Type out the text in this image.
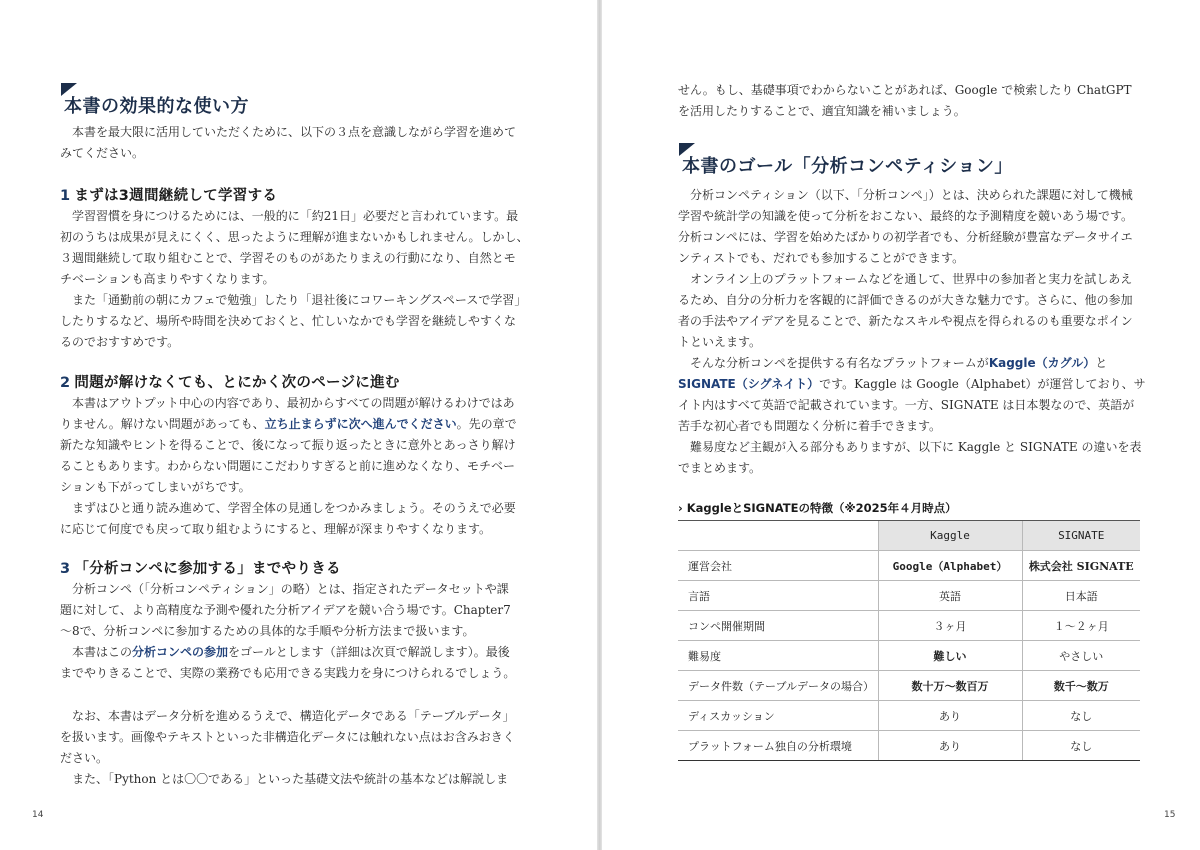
本書の効果的な使い方
　本書を最大限に活用していただくために、以下の３点を意識しながら学習を進めて
みてください。
1 まずは3週間継続して学習する
　学習習慣を身につけるためには、一般的に「約21日」必要だと言われています。最
初のうちは成果が見えにくく、思ったように理解が進まないかもしれません。しかし、
３週間継続して取り組むことで、学習そのものがあたりまえの行動になり、自然とモ
チベーションも高まりやすくなります。
　また「通勤前の朝にカフェで勉強」したり「退社後にコワーキングスペースで学習」
したりするなど、場所や時間を決めておくと、忙しいなかでも学習を継続しやすくな
るのでおすすめです。
2 問題が解けなくても、とにかく次のページに進む
　本書はアウトプット中心の内容であり、最初からすべての問題が解けるわけではあ
りません。解けない問題があっても、立ち止まらずに次へ進んでください。先の章で
新たな知識やヒントを得ることで、後になって振り返ったときに意外とあっさり解け
ることもあります。わからない問題にこだわりすぎると前に進めなくなり、モチベー
ションも下がってしまいがちです。
　まずはひと通り読み進めて、学習全体の見通しをつかみましょう。そのうえで必要
に応じて何度でも戻って取り組むようにすると、理解が深まりやすくなります。
3 「分析コンペに参加する」までやりきる
　分析コンペ（「分析コンペティション」の略）とは、指定されたデータセットや課
題に対して、より高精度な予測や優れた分析アイデアを競い合う場です。Chapter7
～8で、分析コンペに参加するための具体的な手順や分析方法まで扱います。
　本書はこの分析コンペの参加をゴールとします（詳細は次頁で解説します）。最後
までやりきることで、実際の業務でも応用できる実践力を身につけられるでしょう。
　なお、本書はデータ分析を進めるうえで、構造化データである「テーブルデータ」
を扱います。画像やテキストといった非構造化データには触れない点はお含みおきく
ださい。
　また、「Python とは〇〇である」といった基礎文法や統計の基本などは解説しま
14
せん。もし、基礎事項でわからないことがあれば、Google で検索したり ChatGPT
を活用したりすることで、適宜知識を補いましょう。
本書のゴール「分析コンペティション」
　分析コンペティション（以下、「分析コンペ」）とは、決められた課題に対して機械
学習や統計学の知識を使って分析をおこない、最終的な予測精度を競いあう場です。
分析コンペには、学習を始めたばかりの初学者でも、分析経験が豊富なデータサイエ
ンティストでも、だれでも参加することができます。
　オンライン上のプラットフォームなどを通して、世界中の参加者と実力を試しあえ
るため、自分の分析力を客観的に評価できるのが大きな魅力です。さらに、他の参加
者の手法やアイデアを見ることで、新たなスキルや視点を得られるのも重要なポイン
トといえます。
　そんな分析コンペを提供する有名なプラットフォームがKaggle（カグル）と
SIGNATE（シグネイト）です。Kaggle は Google（Alphabet）が運営しており、サ
イト内はすべて英語で記載されています。一方、SIGNATE は日本製なので、英語が
苦手な初心者でも問題なく分析に着手できます。
　難易度など主観が入る部分もありますが、以下に Kaggle と SIGNATE の違いを表
でまとめます。
› KaggleとSIGNATEの特徴（※2025年４月時点）
	Kaggle	SIGNATE
運営会社	Google（Alphabet）	株式会社 SIGNATE
言語	英語	日本語
コンペ開催期間	３ヶ月	１～２ヶ月
難易度	難しい	やさしい
データ件数（テーブルデータの場合）	数十万～数百万	数千～数万
ディスカッション	あり	なし
プラットフォーム独自の分析環境	あり	なし
15
